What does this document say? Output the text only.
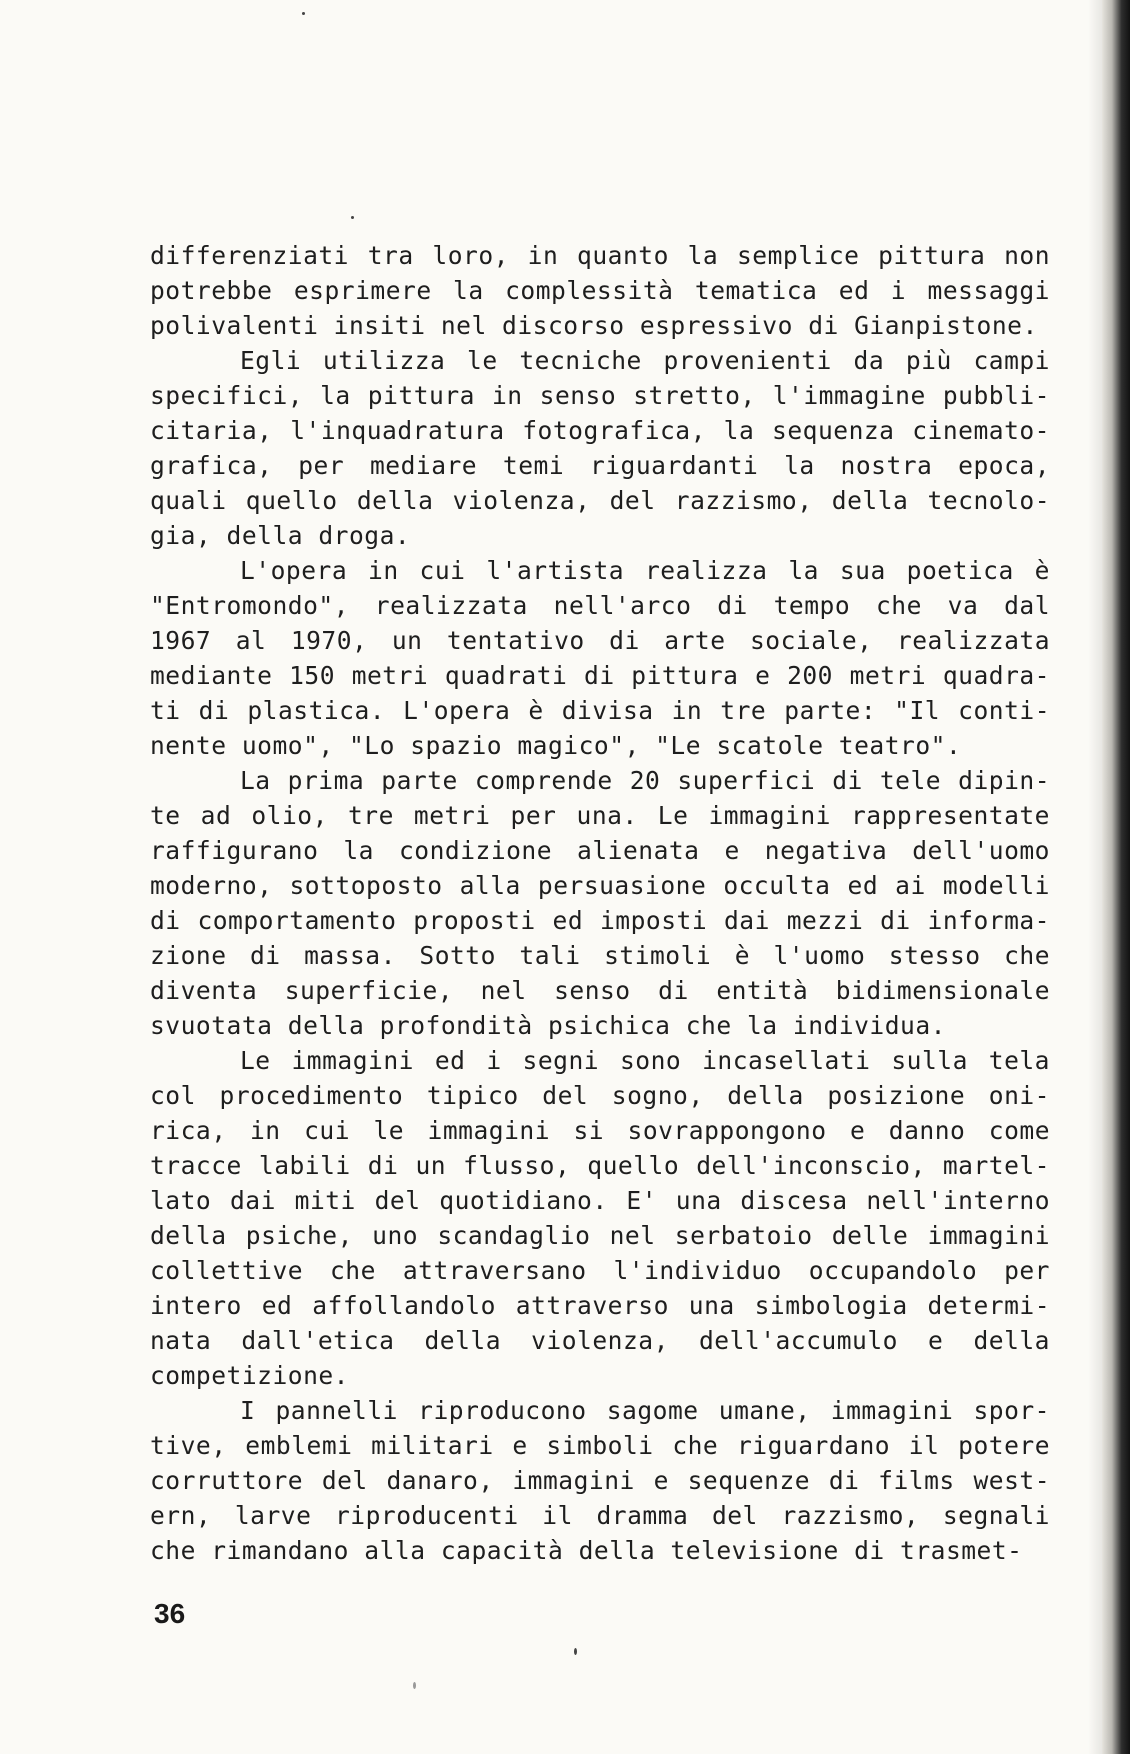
differenziati tra loro, in quanto la semplice pittura non
potrebbe esprimere la complessità tematica ed i messaggi
polivalenti insiti nel discorso espressivo di Gianpistone.
Egli utilizza le tecniche provenienti da più campi
specifici, la pittura in senso stretto, l'immagine pubbli-
citaria, l'inquadratura fotografica, la sequenza cinemato-
grafica, per mediare temi riguardanti la nostra epoca,
quali quello della violenza, del razzismo, della tecnolo-
gia, della droga.
L'opera in cui l'artista realizza la sua poetica è
"Entromondo", realizzata nell'arco di tempo che va dal
1967 al 1970, un tentativo di arte sociale, realizzata
mediante 150 metri quadrati di pittura e 200 metri quadra-
ti di plastica. L'opera è divisa in tre parte: "Il conti-
nente uomo", "Lo spazio magico", "Le scatole teatro".
La prima parte comprende 20 superfici di tele dipin-
te ad olio, tre metri per una. Le immagini rappresentate
raffigurano la condizione alienata e negativa dell'uomo
moderno, sottoposto alla persuasione occulta ed ai modelli
di comportamento proposti ed imposti dai mezzi di informa-
zione di massa. Sotto tali stimoli è l'uomo stesso che
diventa superficie, nel senso di entità bidimensionale
svuotata della profondità psichica che la individua.
Le immagini ed i segni sono incasellati sulla tela
col procedimento tipico del sogno, della posizione oni-
rica, in cui le immagini si sovrappongono e danno come
tracce labili di un flusso, quello dell'inconscio, martel-
lato dai miti del quotidiano. E' una discesa nell'interno
della psiche, uno scandaglio nel serbatoio delle immagini
collettive che attraversano l'individuo occupandolo per
intero ed affollandolo attraverso una simbologia determi-
nata dall'etica della violenza, dell'accumulo e della
competizione.
I pannelli riproducono sagome umane, immagini spor-
tive, emblemi militari e simboli che riguardano il potere
corruttore del danaro, immagini e sequenze di films west-
ern, larve riproducenti il dramma del razzismo, segnali
che rimandano alla capacità della televisione di trasmet-
36
